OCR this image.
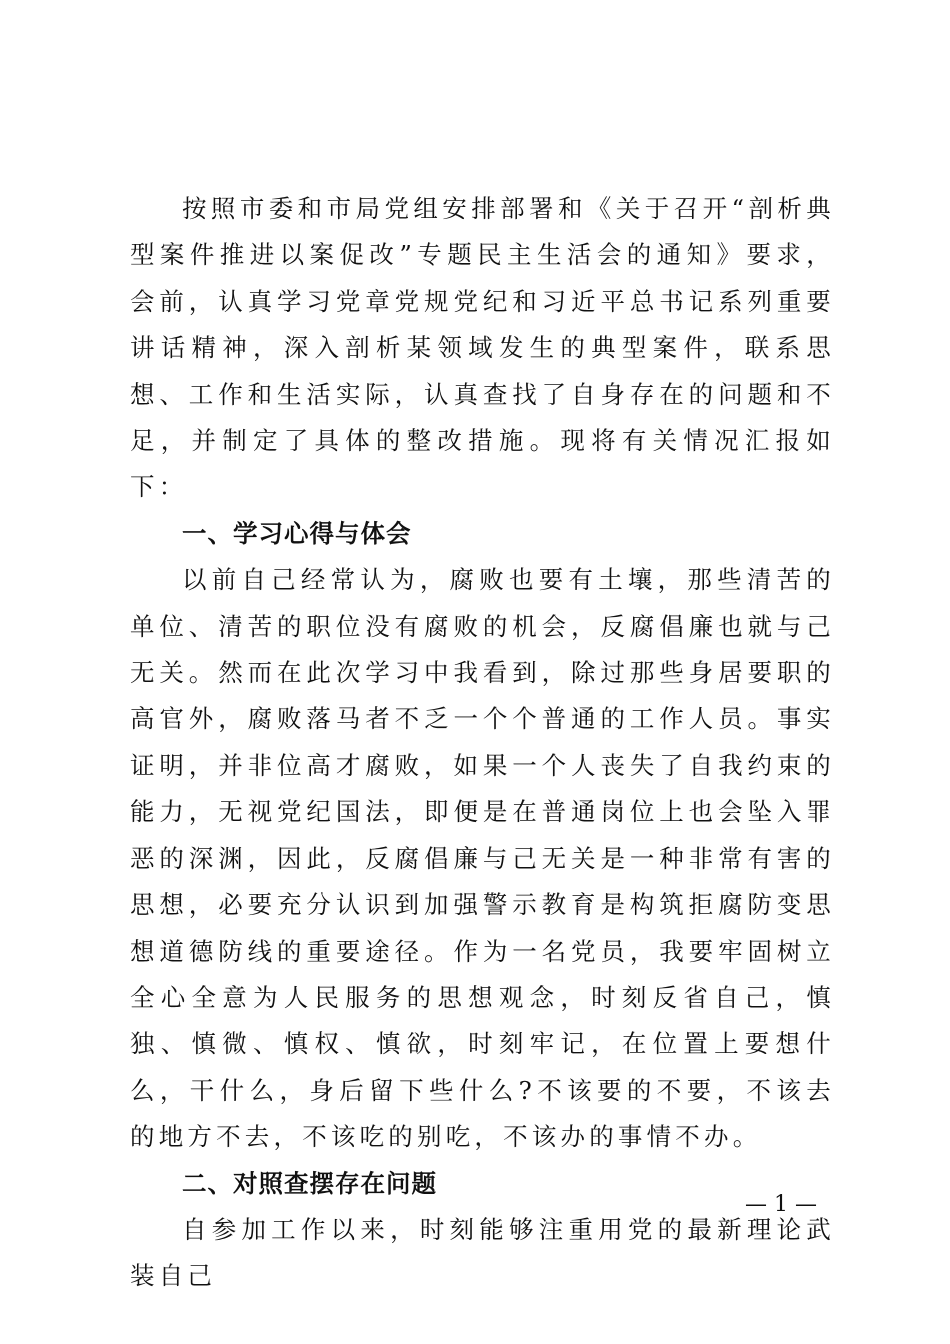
按照市委和市局党组安排部署和《关于召开“剖析典型案件推进以案促改”专题民主生活会的通知》要求，会前，认真学习党章党规党纪和习近平总书记系列重要讲话精神，深入剖析某领域发生的典型案件，联系思想、工作和生活实际，认真查找了自身存在的问题和不足，并制定了具体的整改措施。现将有关情况汇报如下：

一、学习心得与体会

以前自己经常认为，腐败也要有土壤，那些清苦的单位、清苦的职位没有腐败的机会，反腐倡廉也就与己无关。然而在此次学习中我看到，除过那些身居要职的高官外，腐败落马者不乏一个个普通的工作人员。事实证明，并非位高才腐败，如果一个人丧失了自我约束的能力，无视党纪国法，即便是在普通岗位上也会坠入罪恶的深渊，因此，反腐倡廉与己无关是一种非常有害的思想，必要充分认识到加强警示教育是构筑拒腐防变思想道德防线的重要途径。作为一名党员，我要牢固树立全心全意为人民服务的思想观念，时刻反省自己，慎独、慎微、慎权、慎欲，时刻牢记，在位置上要想什么，干什么，身后留下些什么?不该要的不要，不该去的地方不去，不该吃的别吃，不该办的事情不办。

二、对照查摆存在问题

自参加工作以来，时刻能够注重用党的最新理论武装自己

— 1 —
